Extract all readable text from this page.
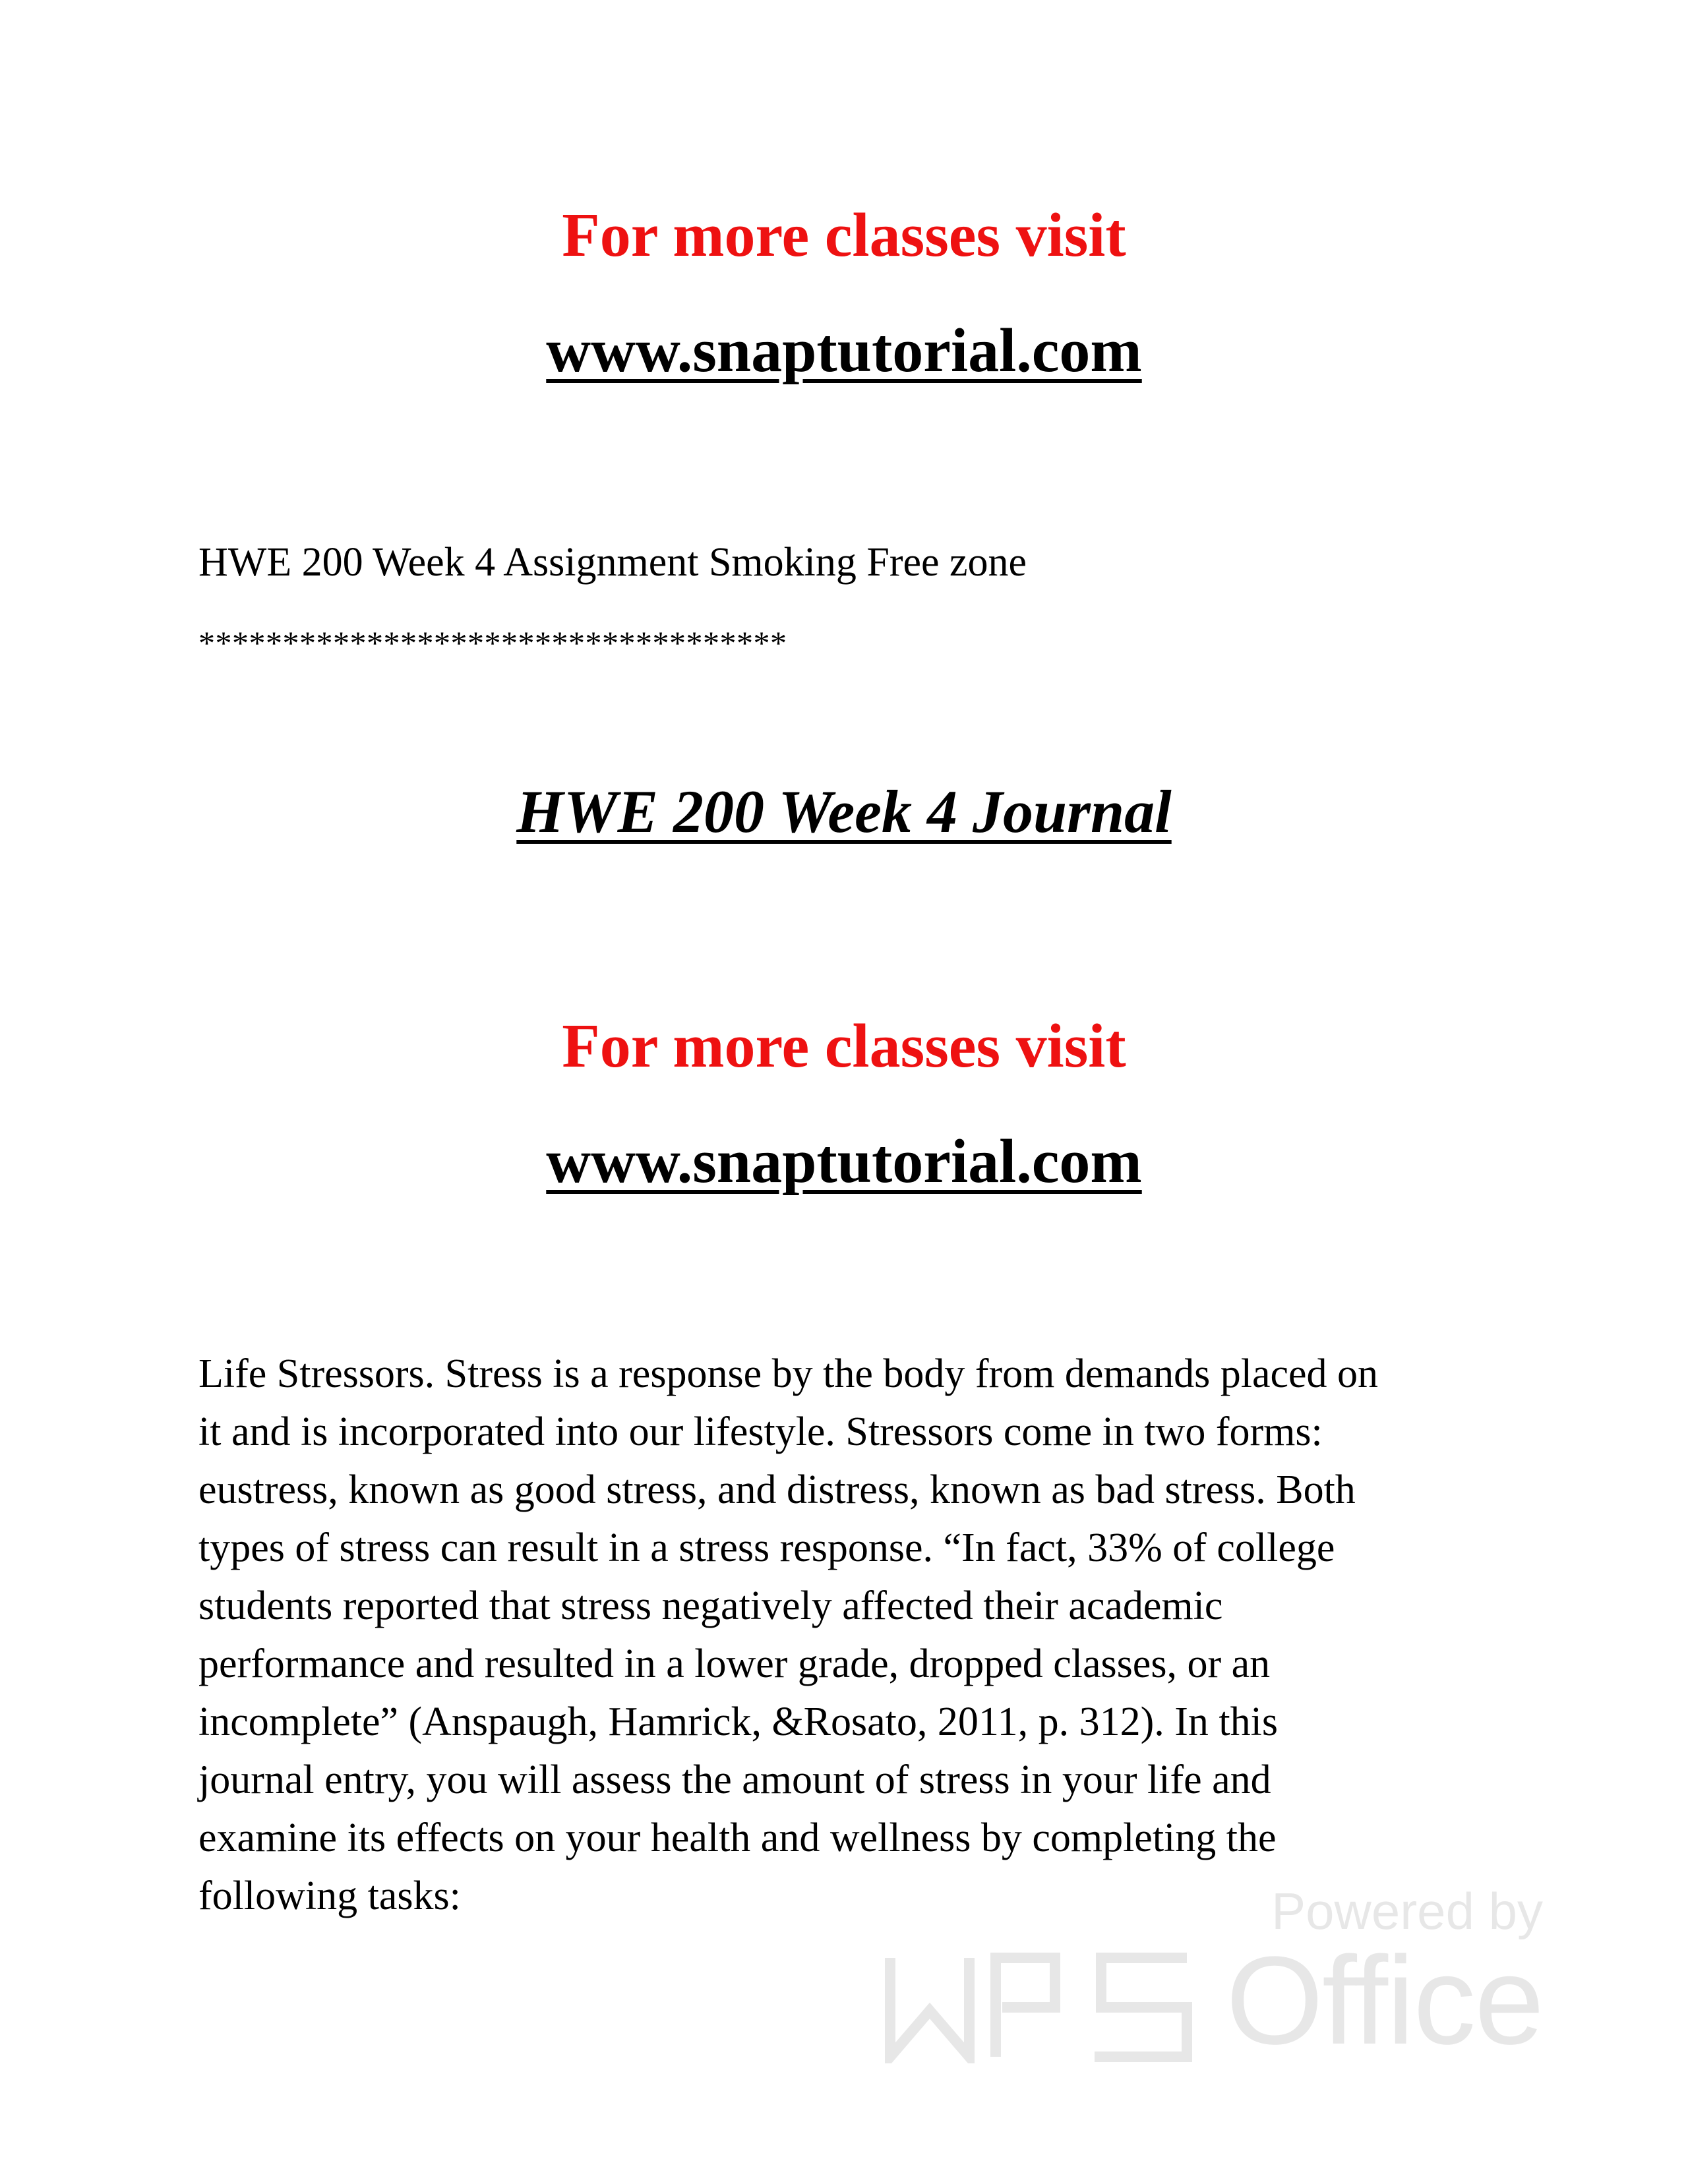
For more classes visit
www.snaptutorial.com
HWE 200 Week 4 Assignment Smoking Free zone
***********************************
HWE 200 Week 4 Journal
For more classes visit
www.snaptutorial.com
Life Stressors. Stress is a response by the body from demands placed on
it and is incorporated into our lifestyle. Stressors come in two forms:
eustress, known as good stress, and distress, known as bad stress. Both
types of stress can result in a stress response. “In fact, 33% of college
students reported that stress negatively affected their academic
performance and resulted in a lower grade, dropped classes, or an
incomplete” (Anspaugh, Hamrick, &Rosato, 2011, p. 312). In this
journal entry, you will assess the amount of stress in your life and
examine its effects on your health and wellness by completing the
following tasks:	Powered by
Office
